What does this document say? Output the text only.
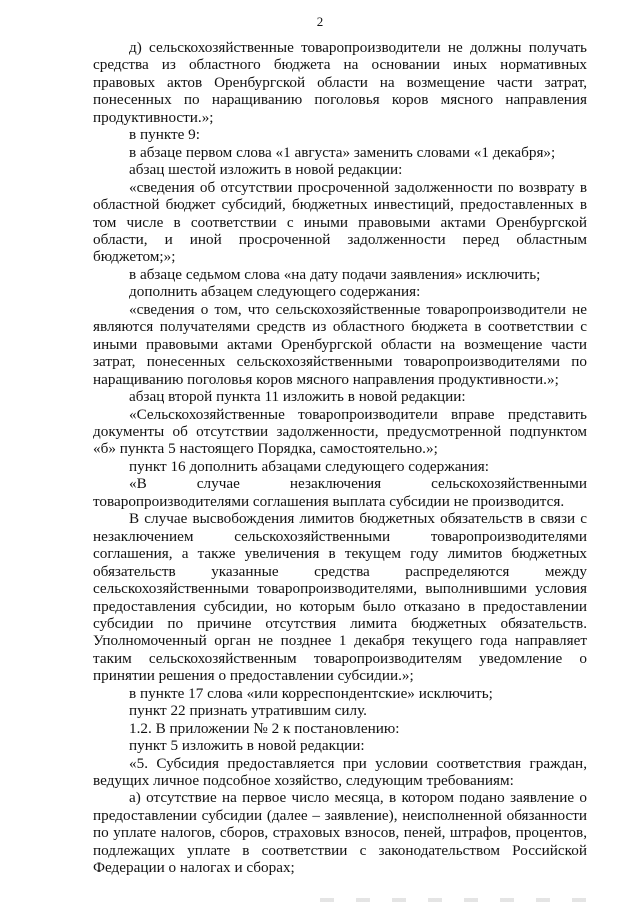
2

д) сельскохозяйственные товаропроизводители не должны получать средства из областного бюджета на основании иных нормативных правовых актов Оренбургской области на возмещение части затрат, понесенных по наращиванию поголовья коров мясного направления продуктивности.»;

в пункте 9:

в абзаце первом слова «1 августа» заменить словами «1 декабря»;

абзац шестой изложить в новой редакции:

«сведения об отсутствии просроченной задолженности по возврату в областной бюджет субсидий, бюджетных инвестиций, предоставленных в том числе в соответствии с иными правовыми актами Оренбургской области, и иной просроченной задолженности перед областным бюджетом;»;

в абзаце седьмом слова «на дату подачи заявления» исключить;

дополнить абзацем следующего содержания:

«сведения о том, что сельскохозяйственные товаропроизводители не являются получателями средств из областного бюджета в соответствии с иными правовыми актами Оренбургской области на возмещение части затрат, понесенных сельскохозяйственными товаропроизводителями по наращиванию поголовья коров мясного направления продуктивности.»;

абзац второй пункта 11 изложить в новой редакции:

«Сельскохозяйственные товаропроизводители вправе представить документы об отсутствии задолженности, предусмотренной подпунктом «б» пункта 5 настоящего Порядка, самостоятельно.»;

пункт 16 дополнить абзацами следующего содержания:

«В случае незаключения сельскохозяйственными товаропроизводителями соглашения выплата субсидии не производится.

В случае высвобождения лимитов бюджетных обязательств в связи с незаключением сельскохозяйственными товаропроизводителями соглашения, а также увеличения в текущем году лимитов бюджетных обязательств указанные средства распределяются между сельскохозяйственными товаропроизводителями, выполнившими условия предоставления субсидии, но которым было отказано в предоставлении субсидии по причине отсутствия лимита бюджетных обязательств. Уполномоченный орган не позднее 1 декабря текущего года направляет таким сельскохозяйственным товаропроизводителям уведомление о принятии решения о предоставлении субсидии.»;

в пункте 17 слова «или корреспондентские» исключить;

пункт 22 признать утратившим силу.

1.2. В приложении № 2 к постановлению:

пункт 5 изложить в новой редакции:

«5. Субсидия предоставляется при условии соответствия граждан, ведущих личное подсобное хозяйство, следующим требованиям:

а) отсутствие на первое число месяца, в котором подано заявление о предоставлении субсидии (далее – заявление), неисполненной обязанности по уплате налогов, сборов, страховых взносов, пеней, штрафов, процентов, подлежащих уплате в соответствии с законодательством Российской Федерации о налогах и сборах;
